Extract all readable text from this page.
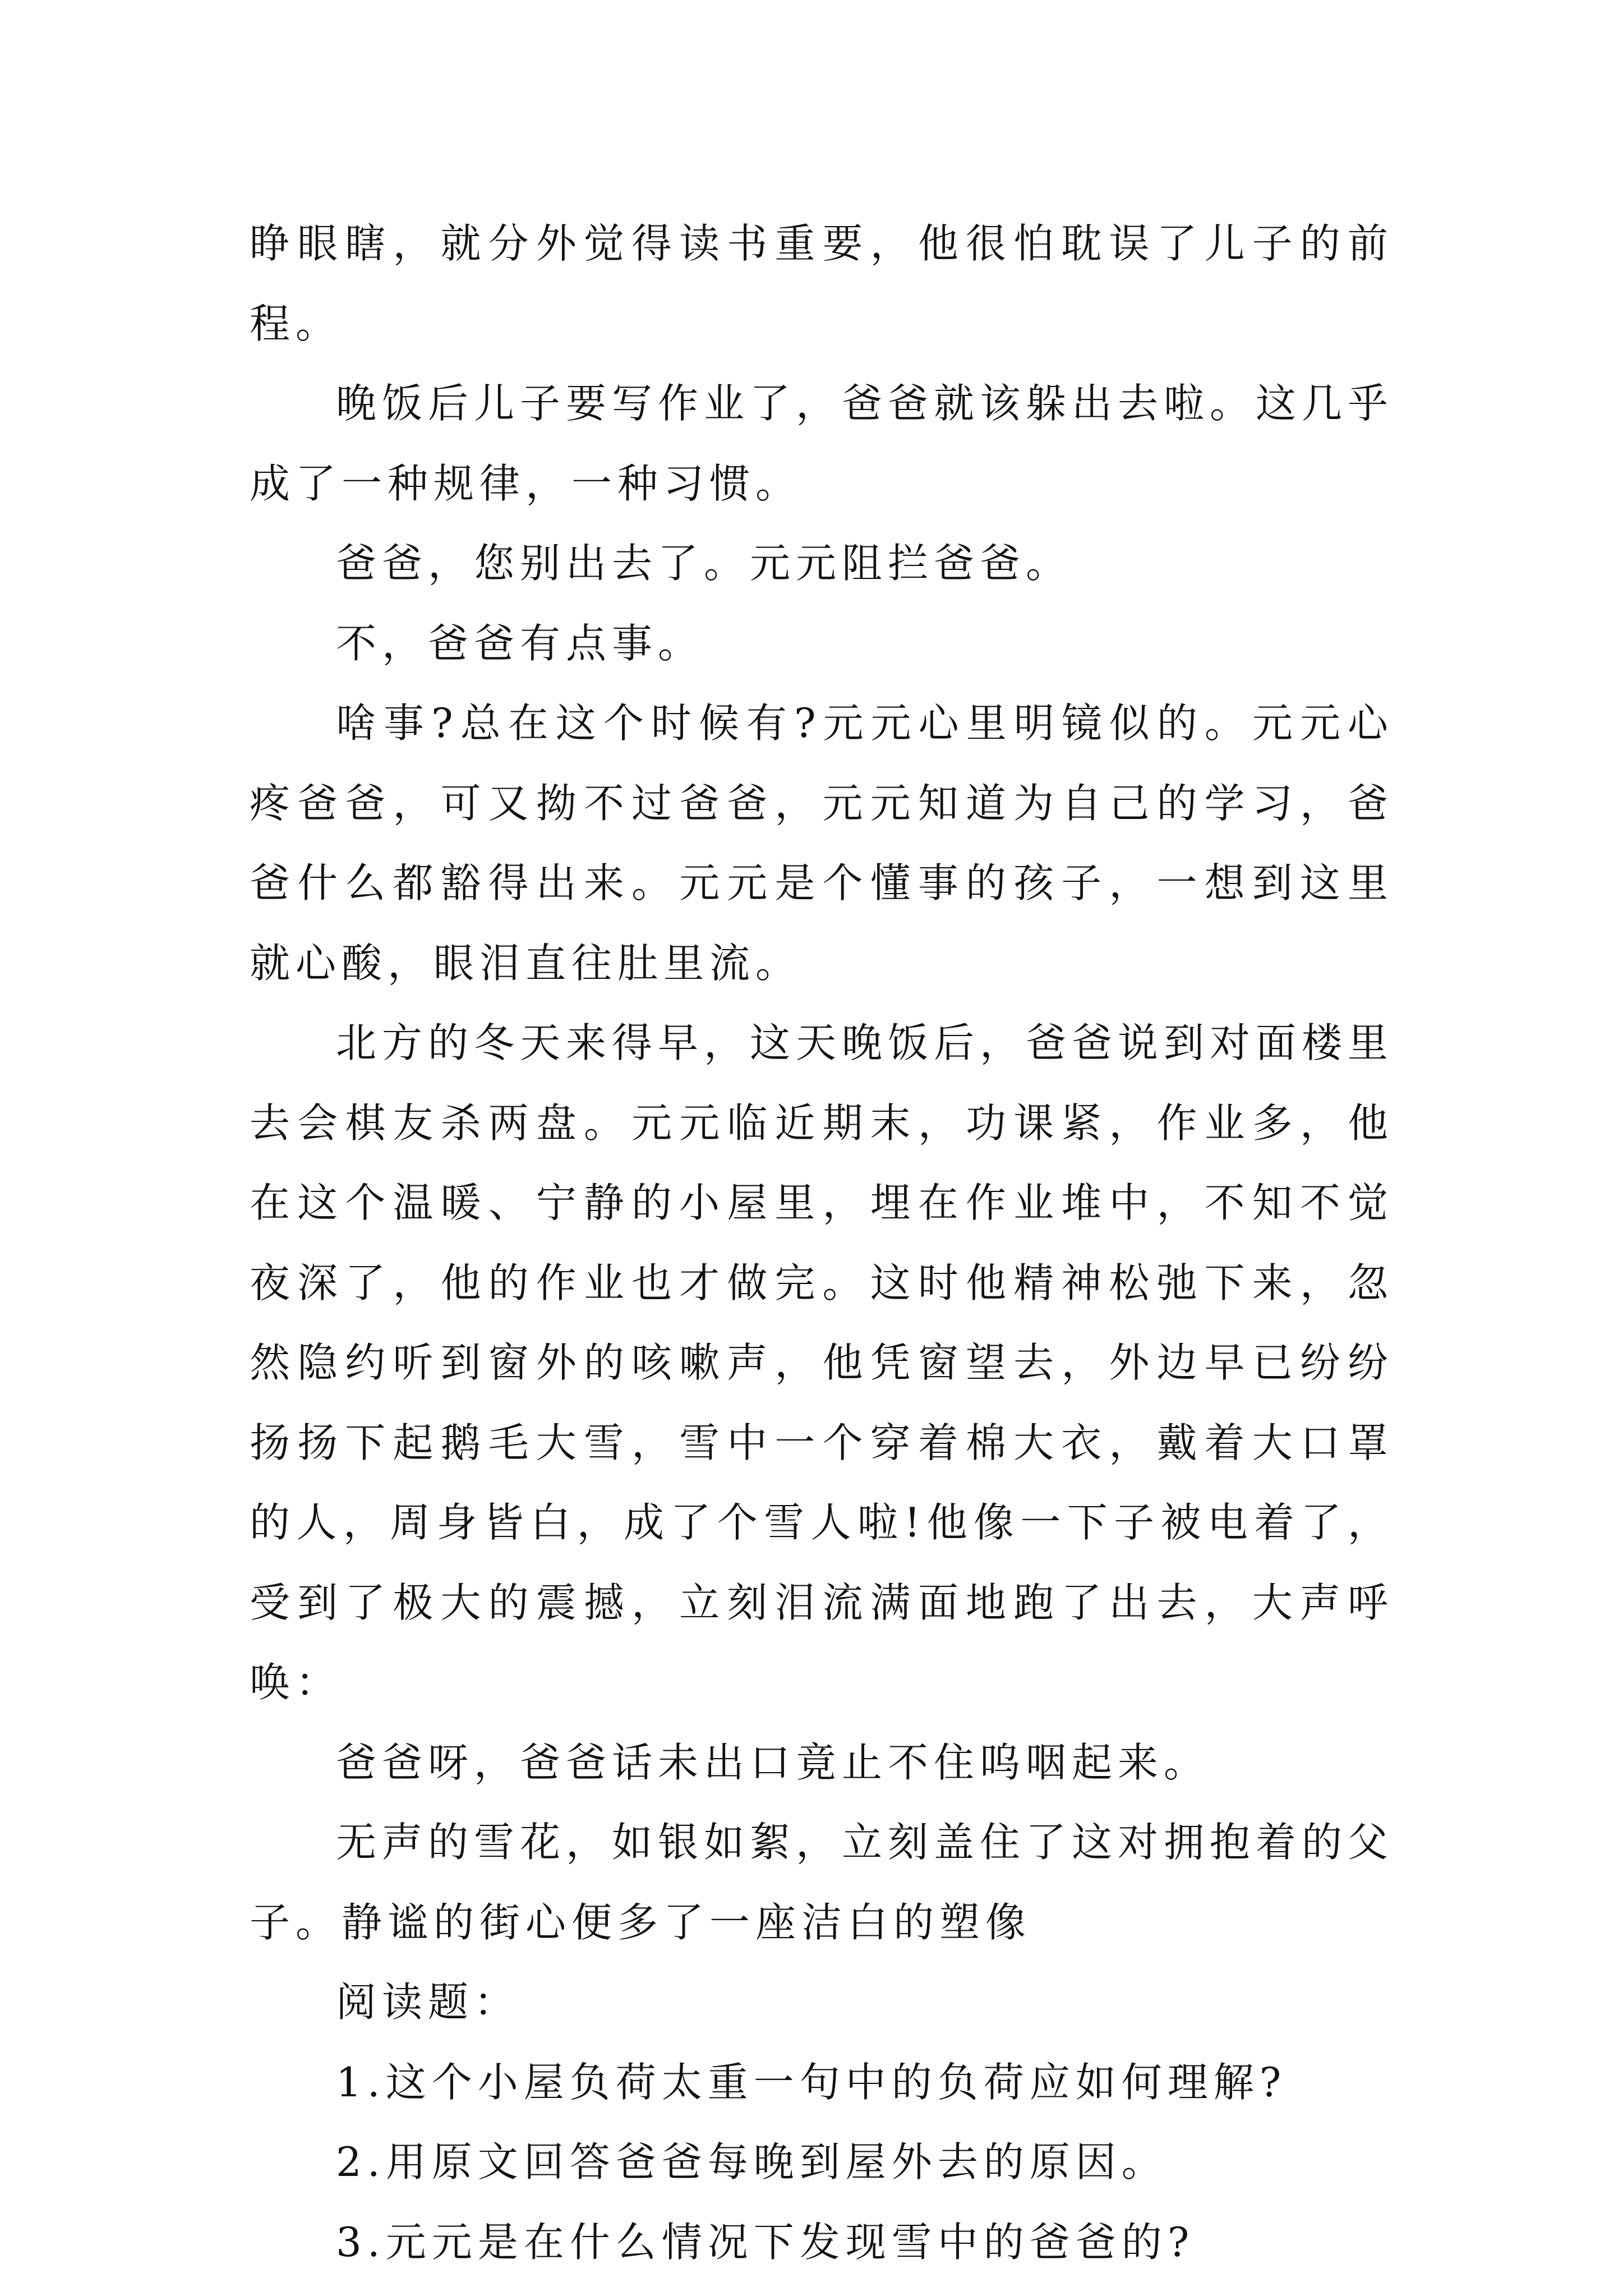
睁眼瞎，就分外觉得读书重要，他很怕耽误了儿子的前程。

晚饭后儿子要写作业了，爸爸就该躲出去啦。这几乎成了一种规律，一种习惯。

爸爸，您别出去了。元元阻拦爸爸。

不，爸爸有点事。

啥事?总在这个时候有?元元心里明镜似的。元元心疼爸爸，可又拗不过爸爸，元元知道为自己的学习，爸爸什么都豁得出来。元元是个懂事的孩子，一想到这里就心酸，眼泪直往肚里流。

北方的冬天来得早，这天晚饭后，爸爸说到对面楼里去会棋友杀两盘。元元临近期末，功课紧，作业多，他在这个温暖、宁静的小屋里，埋在作业堆中，不知不觉夜深了，他的作业也才做完。这时他精神松弛下来，忽然隐约听到窗外的咳嗽声，他凭窗望去，外边早已纷纷扬扬下起鹅毛大雪，雪中一个穿着棉大衣，戴着大口罩的人，周身皆白，成了个雪人啦!他像一下子被电着了，受到了极大的震撼，立刻泪流满面地跑了出去，大声呼唤：

爸爸呀，爸爸话未出口竟止不住呜咽起来。

无声的雪花，如银如絮，立刻盖住了这对拥抱着的父子。静谧的街心便多了一座洁白的塑像

阅读题：

1.这个小屋负荷太重一句中的负荷应如何理解?

2.用原文回答爸爸每晚到屋外去的原因。

3.元元是在什么情况下发现雪中的爸爸的?
